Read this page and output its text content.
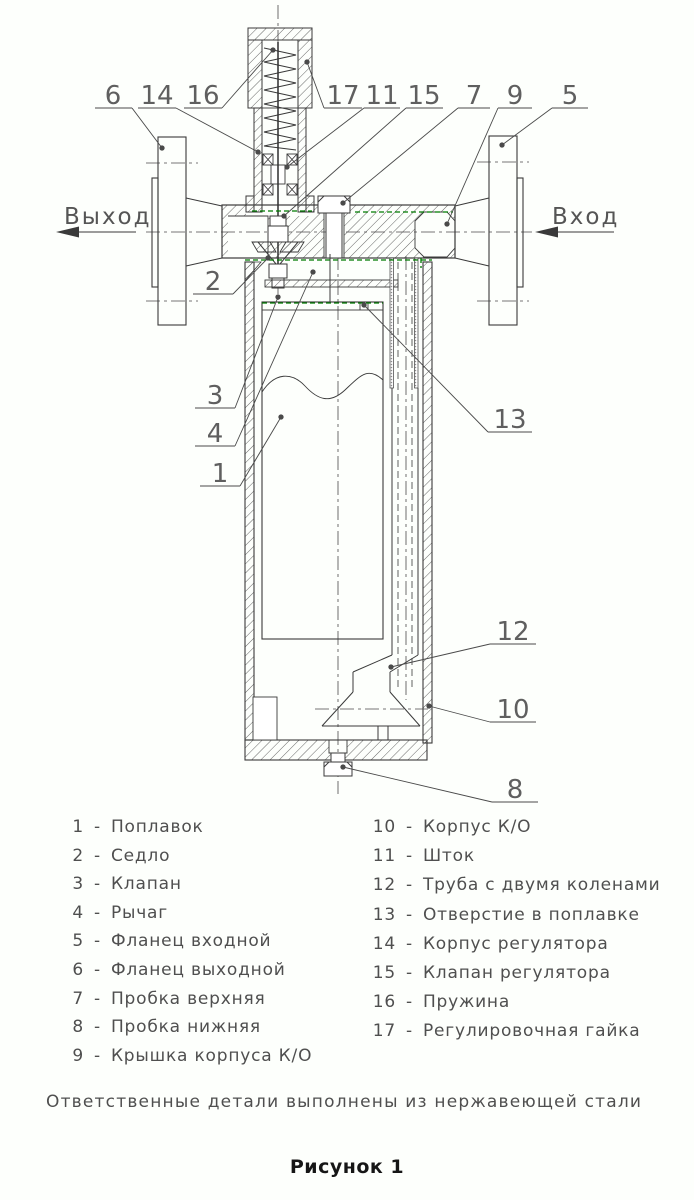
Выход	Вход
6 14 16	17 11 15 7 9 5
2
3
4
1
13
12
10
8
1 - Поплавок
2 - Седло
3 - Клапан
4 - Рычаг
5 - Фланец входной
6 - Фланец выходной
7 - Пробка верхняя
8 - Пробка нижняя
9 - Крышка корпуса К/О
10 - Корпус К/О
11 - Шток
12 - Труба с двумя коленами
13 - Отверстие в поплавке
14 - Корпус регулятора
15 - Клапан регулятора
16 - Пружина
17 - Регулировочная гайка
Ответственные детали выполнены из нержавеющей стали
Рисунок 1
